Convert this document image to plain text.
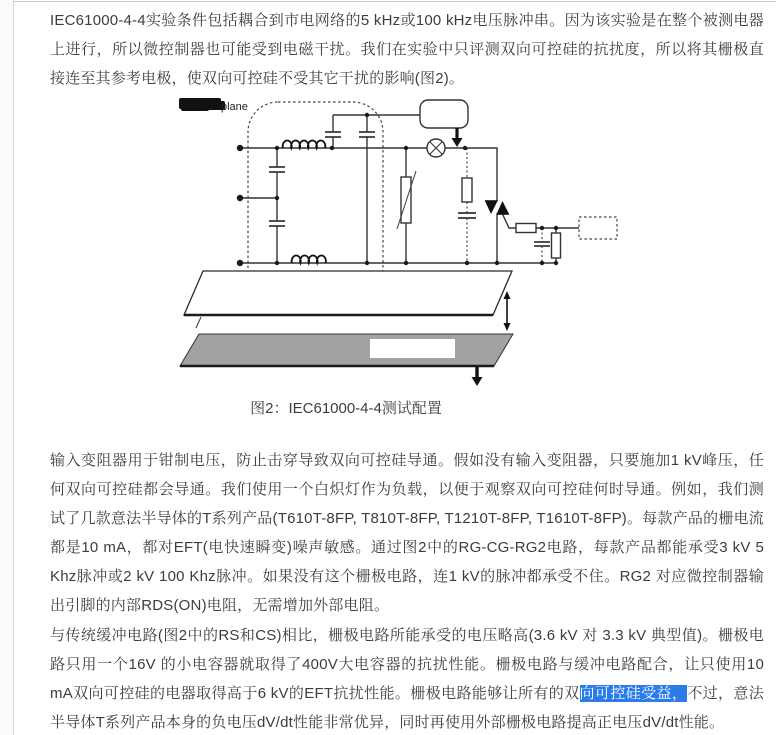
IEC61000-4-4实验条件包括耦合到市电网络的5 kHz或100 kHz电压脉冲串。因为该实验是在整个被测电器上进行，所以微控制器也可能受到电磁干扰。我们在实验中只评测双向可控硅的抗扰度，所以将其栅极直接连至其参考电极，使双向可控硅不受其它干扰的影响(图2)。
plane
图2：IEC61000-4-4测试配置
输入变阻器用于钳制电压，防止击穿导致双向可控硅导通。假如没有输入变阻器，只要施加1 kV峰压，任何双向可控硅都会导通。我们使用一个白炽灯作为负载，以便于观察双向可控硅何时导通。例如，我们测试了几款意法半导体的T系列产品(T610T-8FP, T810T-8FP, T1210T-8FP, T1610T-8FP)。每款产品的栅电流都是10 mA，都对EFT(电快速瞬变)噪声敏感。通过图2中的RG-CG-RG2电路，每款产品都能承受3 kV 5 Khz脉冲或2 kV 100 Khz脉冲。如果没有这个栅极电路，连1 kV的脉冲都承受不住。RG2 对应微控制器输出引脚的内部RDS(ON)电阻，无需增加外部电阻。
与传统缓冲电路(图2中的RS和CS)相比，栅极电路所能承受的电压略高(3.6 kV 对 3.3 kV 典型值)。栅极电路只用一个16V 的小电容器就取得了400V大电容器的抗扰性能。栅极电路与缓冲电路配合，让只使用10 mA双向可控硅的电器取得高于6 kV的EFT抗扰性能。栅极电路能够让所有的双向可控硅受益，不过，意法半导体T系列产品本身的负电压dV/dt性能非常优异，同时再使用外部栅极电路提高正电压dV/dt性能。
